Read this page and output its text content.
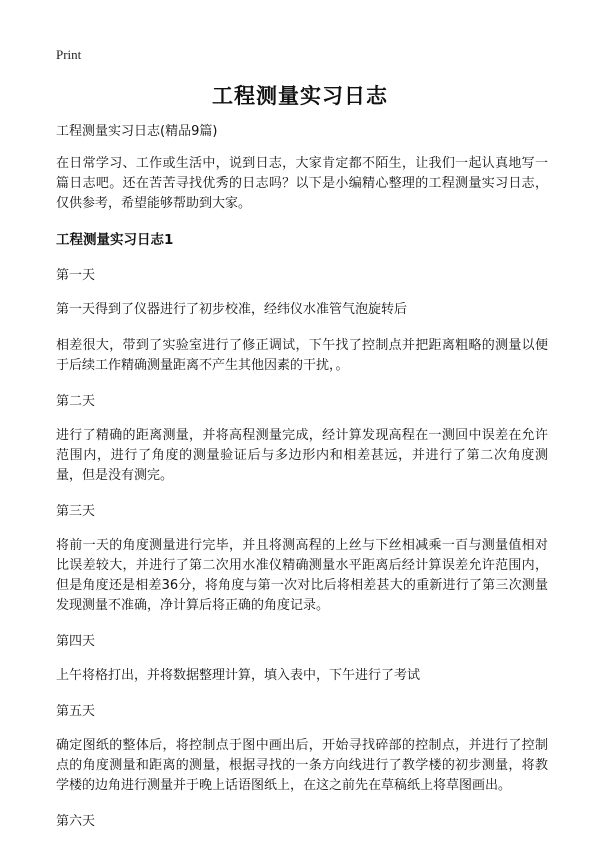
Print
工程测量实习日志

工程测量实习日志(精品9篇)

在日常学习、工作或生活中，说到日志，大家肯定都不陌生，让我们一起认真地写一篇日志吧。还在苦苦寻找优秀的日志吗？以下是小编精心整理的工程测量实习日志，仅供参考，希望能够帮助到大家。

工程测量实习日志1
第一天

第一天得到了仪器进行了初步校准，经纬仪水准管气泡旋转后

相差很大，带到了实验室进行了修正调试，下午找了控制点并把距离粗略的测量以便于后续工作精确测量距离不产生其他因素的干扰，。

第二天

进行了精确的距离测量，并将高程测量完成，经计算发现高程在一测回中误差在允许范围内，进行了角度的测量验证后与多边形内和相差甚远，并进行了第二次角度测量，但是没有测完。

第三天

将前一天的角度测量进行完毕，并且将测高程的上丝与下丝相减乘一百与测量值相对比误差较大，并进行了第二次用水准仪精确测量水平距离后经计算误差允许范围内，但是角度还是相差36分，将角度与第一次对比后将相差甚大的重新进行了第三次测量发现测量不准确，净计算后将正确的角度记录。

第四天

上午将格打出，并将数据整理计算，填入表中，下午进行了考试

第五天

确定图纸的整体后，将控制点于图中画出后，开始寻找碎部的控制点，并进行了控制点的角度测量和距离的测量，根据寻找的一条方向线进行了教学楼的初步测量，将教学楼的边角进行测量并于晚上话语图纸上，在这之前先在草稿纸上将草图画出。

第六天
